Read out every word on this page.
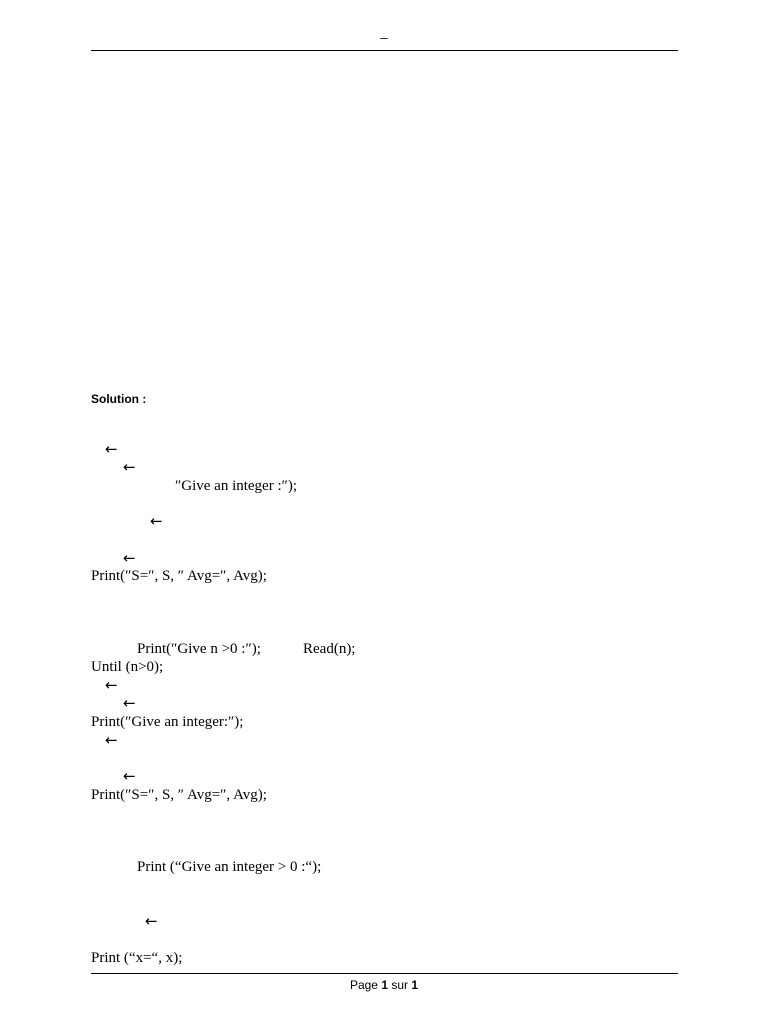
–
Solution :
←
←
″Give an integer :″);
←
←
Print(″S=″, S, ″ Avg=″, Avg);
Print(″Give n >0 :″);	Read(n);
Until (n>0);
←
←
Print(″Give an integer:″);
←
←
Print(″S=″, S, ″ Avg=″, Avg);
Print (“Give an integer > 0 :“);
←
Print (“x=“, x);
Page 1 sur 1
